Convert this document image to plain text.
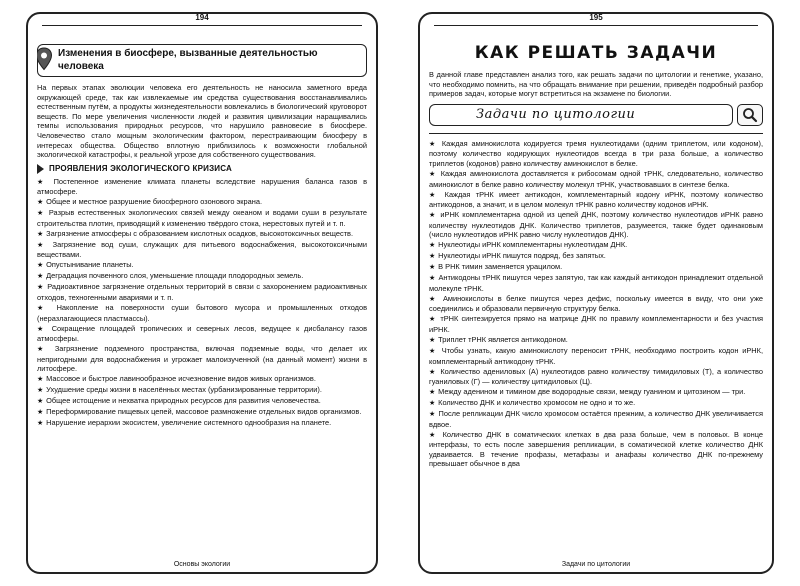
194
Изменения в биосфере, вызванные деятельностью человека

На первых этапах эволюции человека его деятельность не наносила заметного вреда окружающей среде, так как извлекаемые им средства существования восстанавливались естественным путём, а продукты жизнедеятельности вовлекались в биологический круговорот веществ. По мере увеличения численности людей и развития цивилизации наращивались темпы использования природных ресурсов, что нарушило равновесие в биосфере. Человечество стало мощным экологическим фактором, перестраивающим биосферу в интересах общества. Общество вплотную приблизилось к возможности глобальной экологической катастрофы, к реальной угрозе для собственного существования.

ПРОЯВЛЕНИЯ ЭКОЛОГИЧЕСКОГО КРИЗИСА
★ Постепенное изменение климата планеты вследствие нарушения баланса газов в атмосфере.
★ Общее и местное разрушение биосферного озонового экрана.
★ Разрыв естественных экологических связей между океаном и водами суши в результате строительства плотин, приводящий к изменению твёрдого стока, нерестовых путей и т. п.
★ Загрязнение атмосферы с образованием кислотных осадков, высокотоксичных веществ.
★ Загрязнение вод суши, служащих для питьевого водоснабжения, высокотоксичными веществами.
★ Опустынивание планеты.
★ Деградация почвенного слоя, уменьшение площади плодородных земель.
★ Радиоактивное загрязнение отдельных территорий в связи с захоронением радиоактивных отходов, техногенными авариями и т. п.
★ Накопление на поверхности суши бытового мусора и промышленных отходов (неразлагающиеся пластмассы).
★ Сокращение площадей тропических и северных лесов, ведущее к дисбалансу газов атмосферы.
★ Загрязнение подземного пространства, включая подземные воды, что делает их непригодными для водоснабжения и угрожает малоизученной (на данный момент) жизни в литосфере.
★ Массовое и быстрое лавинообразное исчезновение видов живых организмов.
★ Ухудшение среды жизни в населённых местах (урбанизированные территории).
★ Общее истощение и нехватка природных ресурсов для развития человечества.
★ Переформирование пищевых цепей, массовое размножение отдельных видов организмов.
★ Нарушение иерархии экосистем, увеличение системного однообразия на планете.
Основы экологии
195
КАК РЕШАТЬ ЗАДАЧИ

В данной главе представлен анализ того, как решать задачи по цитологии и генетике, указано, что необходимо помнить, на что обращать внимание при решении, приведён подробный разбор примеров задач, которые могут встретиться на экзамене по биологии.

Задачи по цитологии
★ Каждая аминокислота кодируется тремя нуклеотидами (одним триплетом, или кодоном), поэтому количество кодирующих нуклеотидов всегда в три раза больше, а количество триплетов (кодонов) равно количеству аминокислот в белке.
★ Каждая аминокислота доставляется к рибосомам одной тРНК, следовательно, количество аминокислот в белке равно количеству молекул тРНК, участвовавших в синтезе белка.
★ Каждая тРНК имеет антикодон, комплементарный кодону иРНК, поэтому количество антикодонов, а значит, и в целом молекул тРНК равно количеству кодонов иРНК.
★ иРНК комплементарна одной из цепей ДНК, поэтому количество нуклеотидов иРНК равно количеству нуклеотидов ДНК. Количество триплетов, разумеется, также будет одинаковым (число нуклеотидов иРНК равно числу нуклеотидов ДНК).
★ Нуклеотиды иРНК комплементарны нуклеотидам ДНК.
★ Нуклеотиды иРНК пишутся подряд, без запятых.
★ В РНК тимин заменяется урацилом.
★ Антикодоны тРНК пишутся через запятую, так как каждый антикодон принадлежит отдельной молекуле тРНК.
★ Аминокислоты в белке пишутся через дефис, поскольку имеется в виду, что они уже соединились и образовали первичную структуру белка.
★ тРНК синтезируется прямо на матрице ДНК по правилу комплементарности и без участия иРНК.
★ Триплет тРНК является антикодоном.
★ Чтобы узнать, какую аминокислоту переносит тРНК, необходимо построить кодон иРНК, комплементарный антикодону тРНК.
★ Количество адениловых (А) нуклеотидов равно количеству тимидиловых (Т), а количество гуаниловых (Г) — количеству цитидиловых (Ц).
★ Между аденином и тимином две водородные связи, между гуанином и цитозином — три.
★ Количество ДНК и количество хромосом не одно и то же.
★ После репликации ДНК число хромосом остаётся прежним, а количество ДНК увеличивается вдвое.
★ Количество ДНК в соматических клетках в два раза больше, чем в половых. В конце интерфазы, то есть после завершения репликации, в соматической клетке количество ДНК удваивается. В течение профазы, метафазы и анафазы количество ДНК по-прежнему превышает обычное в два
Задачи по цитологии
